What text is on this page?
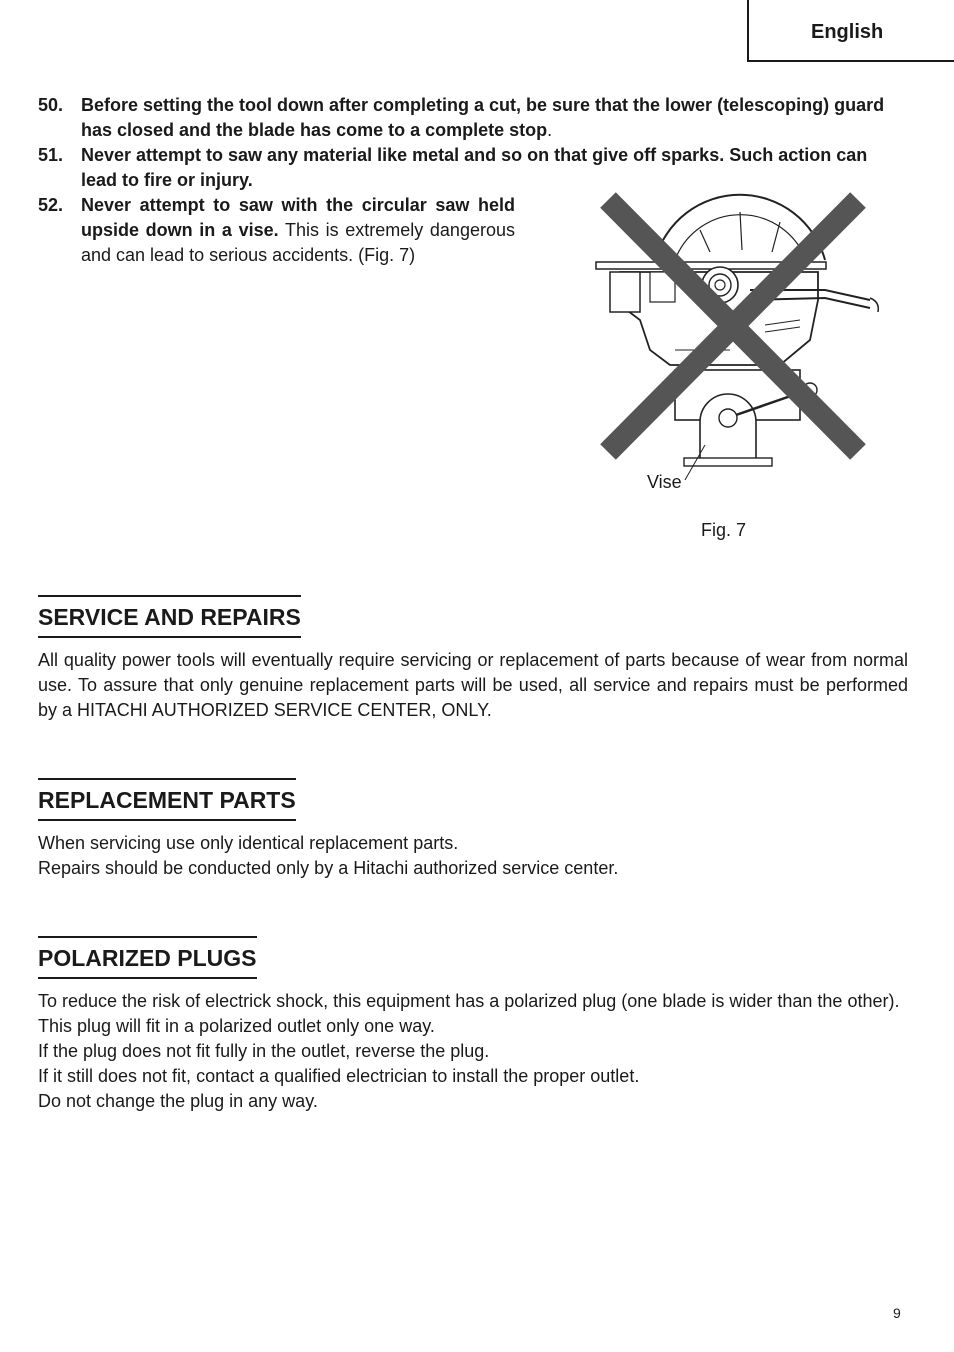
English
50. Before setting the tool down after completing a cut, be sure that the lower (telescoping) guard has closed and the blade has come to a complete stop.
51. Never attempt to saw any material like metal and so on that give off sparks. Such action can lead to fire or injury.
52. Never attempt to saw with the circular saw held upside down in a vise. This is extremely dangerous and can lead to serious accidents. (Fig. 7)
Vise
Fig. 7
SERVICE AND REPAIRS

All quality power tools will eventually require servicing or replacement of parts because of wear from normal use. To assure that only genuine replacement parts will be used, all service and repairs must be performed by a HITACHI AUTHORIZED SERVICE CENTER, ONLY.

REPLACEMENT PARTS

When servicing use only identical replacement parts.

Repairs should be conducted only by a Hitachi authorized service center.

POLARIZED PLUGS

To reduce the risk of electrick shock, this equipment has a polarized plug (one blade is wider than the other).

This plug will fit in a polarized outlet only one way.

If the plug does not fit fully in the outlet, reverse the plug.

If it still does not fit, contact a qualified electrician to install the proper outlet.

Do not change the plug in any way.

9
